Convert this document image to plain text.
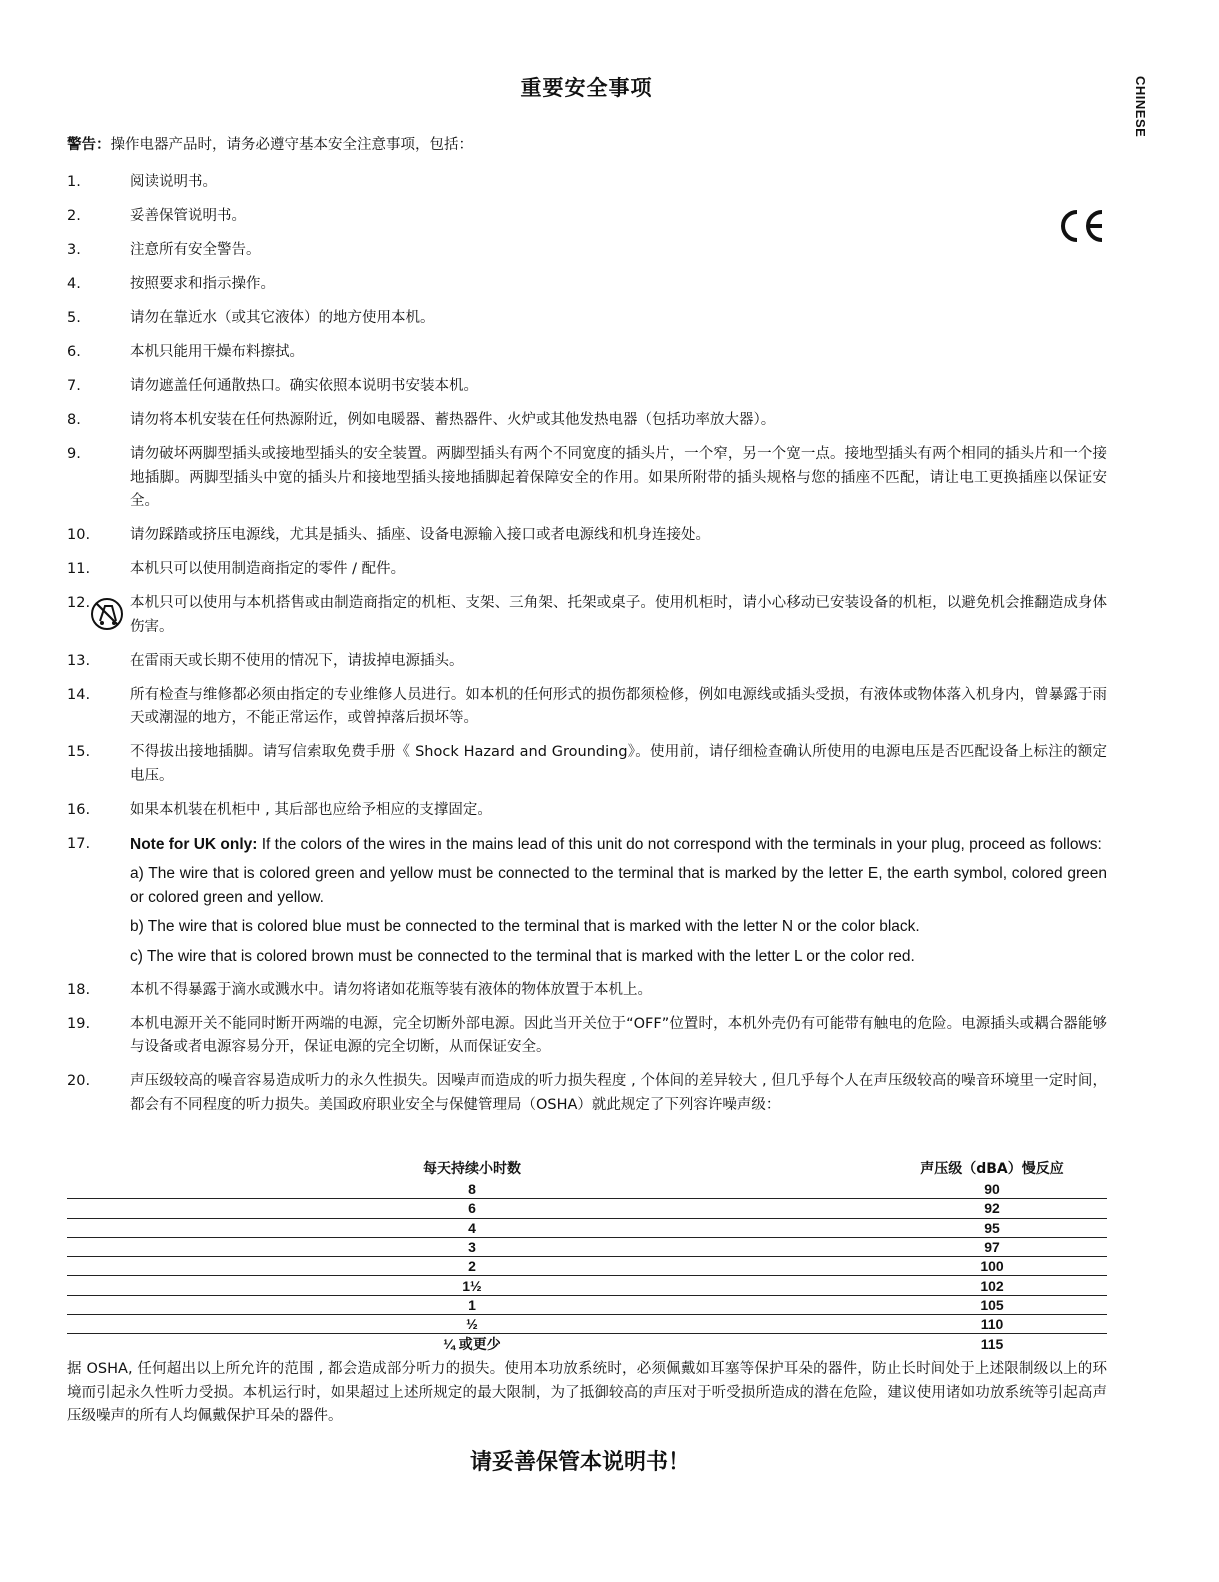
重要安全事项	CHINESE
警告：操作电器产品时，请务必遵守基本安全注意事项，包括：
1.	阅读说明书。
2.	妥善保管说明书。
3.	注意所有安全警告。
4.	按照要求和指示操作。
5.	请勿在靠近水（或其它液体）的地方使用本机。
6.	本机只能用干燥布料擦拭。
7.	请勿遮盖任何通散热口。确实依照本说明书安装本机。
8.	请勿将本机安装在任何热源附近，例如电暖器、蓄热器件、火炉或其他发热电器（包括功率放大器）。
9.	请勿破坏两脚型插头或接地型插头的安全装置。两脚型插头有两个不同宽度的插头片，一个窄，另一个宽一点。接地型插头有两个相同的插头片和一个接地插脚。两脚型插头中宽的插头片和接地型插头接地插脚起着保障安全的作用。如果所附带的插头规格与您的插座不匹配，请让电工更换插座以保证安全。
10.	请勿踩踏或挤压电源线，尤其是插头、插座、设备电源输入接口或者电源线和机身连接处。
11.	本机只可以使用制造商指定的零件 / 配件。
12.	本机只可以使用与本机搭售或由制造商指定的机柜、支架、三角架、托架或桌子。使用机柜时，请小心移动已安装设备的机柜，以避免机会推翻造成身体伤害。
13.	在雷雨天或长期不使用的情况下，请拔掉电源插头。
14.	所有检查与维修都必须由指定的专业维修人员进行。如本机的任何形式的损伤都须检修，例如电源线或插头受损，有液体或物体落入机身内，曾暴露于雨天或潮湿的地方，不能正常运作，或曾掉落后损坏等。
15.	不得拔出接地插脚。请写信索取免费手册《 Shock Hazard and Grounding》。使用前，请仔细检查确认所使用的电源电压是否匹配设备上标注的额定电压。
16.	如果本机装在机柜中 , 其后部也应给予相应的支撑固定。
17.	Note for UK only: If the colors of the wires in the mains lead of this unit do not correspond with the terminals in your plug, proceed as follows:

a) The wire that is colored green and yellow must be connected to the terminal that is marked by the letter E, the earth symbol, colored green or colored green and yellow.

b) The wire that is colored blue must be connected to the terminal that is marked with the letter N or the color black.

c) The wire that is colored brown must be connected to the terminal that is marked with the letter L or the color red.

18.	本机不得暴露于滴水或溅水中。请勿将诸如花瓶等装有液体的物体放置于本机上。
19.	本机电源开关不能同时断开两端的电源，完全切断外部电源。因此当开关位于“OFF”位置时，本机外壳仍有可能带有触电的危险。电源插头或耦合器能够与设备或者电源容易分开，保证电源的完全切断，从而保证安全。
20.	声压级较高的噪音容易造成听力的永久性损失。因噪声而造成的听力损失程度 , 个体间的差异较大 , 但几乎每个人在声压级较高的噪音环境里一定时间，都会有不同程度的听力损失。美国政府职业安全与保健管理局（OSHA）就此规定了下列容许噪声级：
每天持续小时数	声压级（dBA）慢反应
8	90
6	92
4	95
3	97
2	100
1½	102
1	105
½	110
¼ 或更少	115
据 OSHA, 任何超出以上所允许的范围 , 都会造成部分听力的损失。使用本功放系统时，必须佩戴如耳塞等保护耳朵的器件，防止长时间处于上述限制级以上的环境而引起永久性听力受损。本机运行时，如果超过上述所规定的最大限制，为了抵御较高的声压对于听受损所造成的潜在危险，建议使用诸如功放系统等引起高声压级噪声的所有人均佩戴保护耳朵的器件。
请妥善保管本说明书！
